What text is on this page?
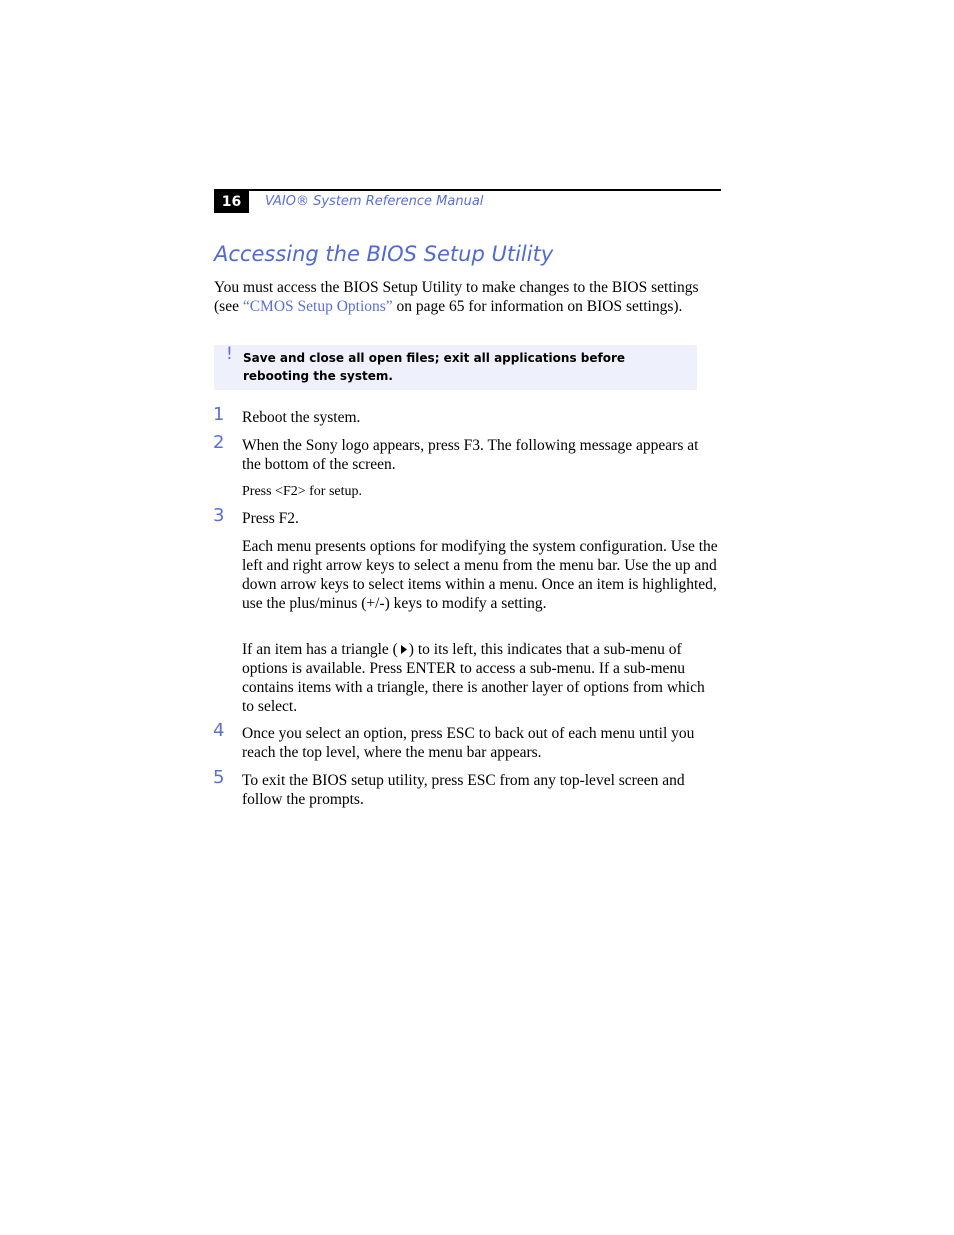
16	VAIO® System Reference Manual
Accessing the BIOS Setup Utility

You must access the BIOS Setup Utility to make changes to the BIOS settings (see “CMOS Setup Options” on page 65 for information on BIOS settings).

! Save and close all open files; exit all applications before rebooting the system.

1 Reboot the system.

2 When the Sony logo appears, press F3. The following message appears at the bottom of the screen.

Press <F2> for setup.

3 Press F2.

Each menu presents options for modifying the system configuration. Use the left and right arrow keys to select a menu from the menu bar. Use the up and down arrow keys to select items within a menu. Once an item is highlighted, use the plus/minus (+/-) keys to modify a setting.

If an item has a triangle ( ) to its left, this indicates that a sub-menu of options is available. Press ENTER to access a sub-menu. If a sub-menu contains items with a triangle, there is another layer of options from which to select.

4 Once you select an option, press ESC to back out of each menu until you reach the top level, where the menu bar appears.

5 To exit the BIOS setup utility, press ESC from any top-level screen and follow the prompts.
